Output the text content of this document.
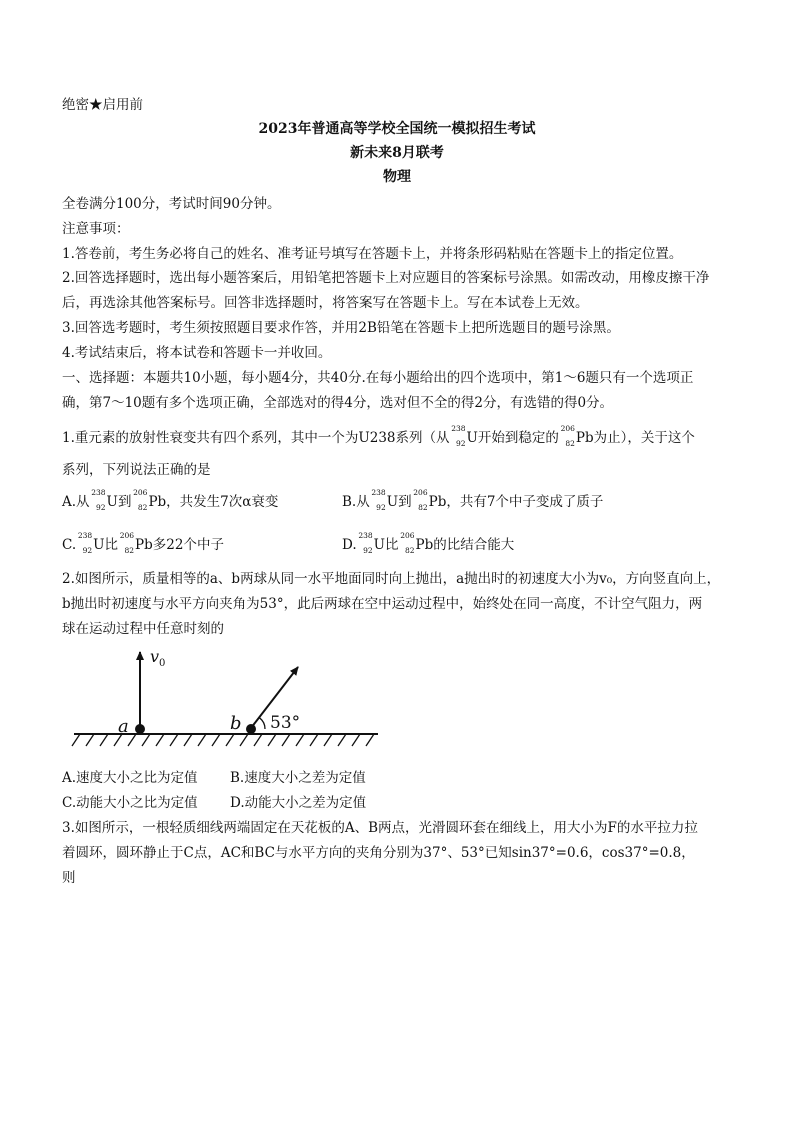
绝密★启用前
2023年普通高等学校全国统一模拟招生考试
新未来8月联考
物理
全卷满分100分，考试时间90分钟。
注意事项：
1.答卷前，考生务必将自己的姓名、准考证号填写在答题卡上，并将条形码粘贴在答题卡上的指定位置。
2.回答选择题时，选出每小题答案后，用铅笔把答题卡上对应题目的答案标号涂黑。如需改动，用橡皮擦干净
后，再选涂其他答案标号。回答非选择题时，将答案写在答题卡上。写在本试卷上无效。
3.回答选考题时，考生须按照题目要求作答，并用2B铅笔在答题卡上把所选题目的题号涂黑。
4.考试结束后，将本试卷和答题卡一并收回。
一、选择题：本题共10小题，每小题4分，共40分.在每小题给出的四个选项中，第1～6题只有一个选项正
确，第7～10题有多个选项正确，全部选对的得4分，选对但不全的得2分，有选错的得0分。
1.重元素的放射性衰变共有四个系列，其中一个为U238系列（从
238
92 U开始到稳定的
206
82 Pb为止），关于这个
系列，下列说法正确的是
A.从
238
92 U到
206
82 Pb，共发生7次α衰变	B.从
238
92 U到
206
82 Pb，共有7个中子变成了质子
C.
238
92 U比
206
82 Pb多22个中子	D.
238
92 U比
206
82 Pb的比结合能大
2.如图所示，质量相等的a、b两球从同一水平地面同时向上抛出，a抛出时的初速度大小为v₀，方向竖直向上，
b抛出时初速度与水平方向夹角为53°，此后两球在空中运动过程中，始终处在同一高度，不计空气阻力，两
球在运动过程中任意时刻的
$v_0$
a	b 53°
A.速度大小之比为定值 B.速度大小之差为定值
C.动能大小之比为定值 D.动能大小之差为定值
3.如图所示，一根轻质细线两端固定在天花板的A、B两点，光滑圆环套在细线上，用大小为F的水平拉力拉
着圆环，圆环静止于C点，AC和BC与水平方向的夹角分别为37°、53°已知sin37°=0.6，cos37°=0.8，
则
